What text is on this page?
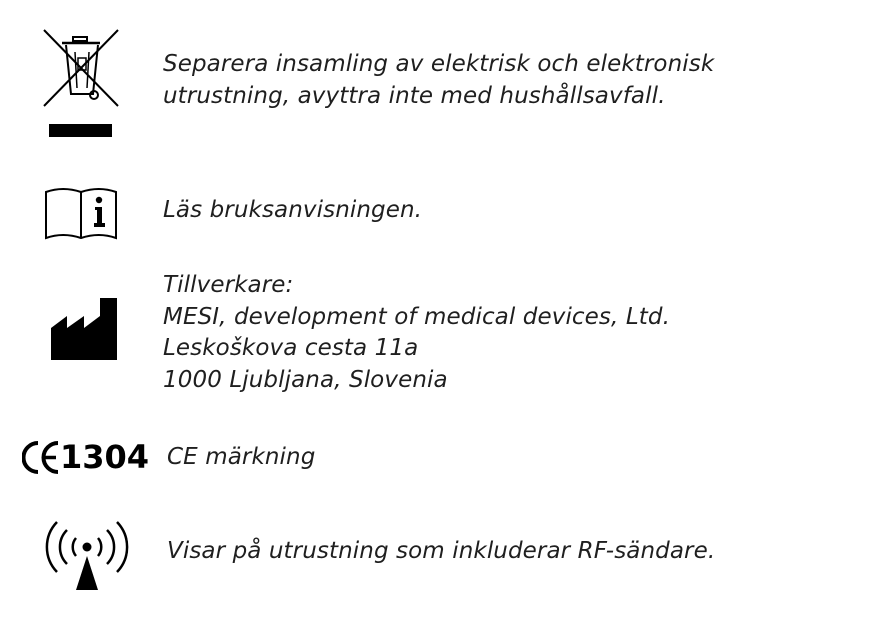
Separera insamling av elektrisk och elektronisk
utrustning, avyttra inte med hushållsavfall.
Läs bruksanvisningen.
Tillverkare:
MESI, development of medical devices, Ltd.
Leskoškova cesta 11a
1000 Ljubljana, Slovenia
1304 CE märkning
Visar på utrustning som inkluderar RF-sändare.
